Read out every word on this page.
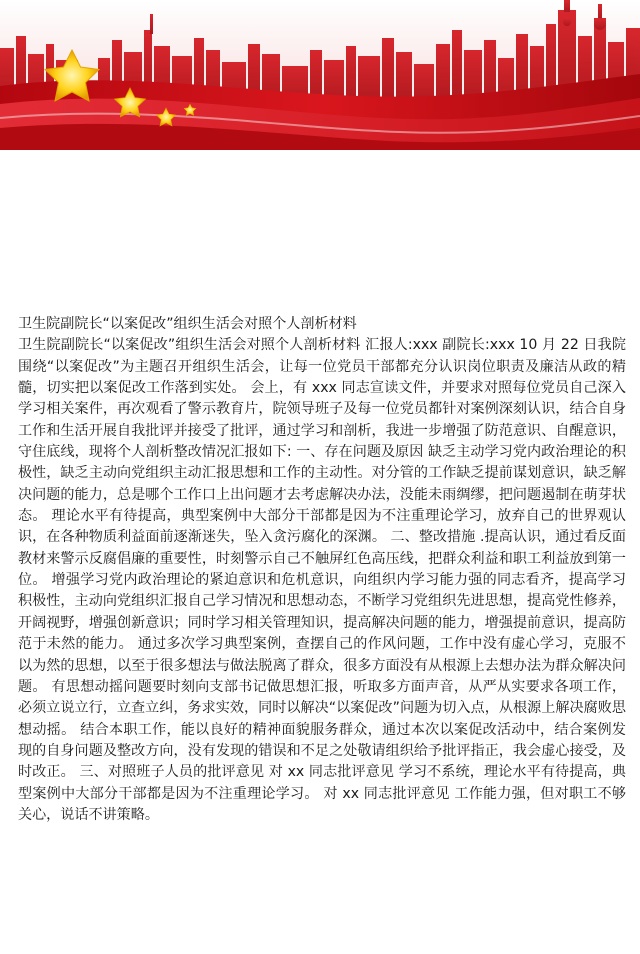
卫生院副院长“以案促改”组织生活会对照个人剖析材料
卫生院副院长“以案促改”组织生活会对照个人剖析材料 汇报人:xxx 副院长:xxx 10 月 22 日我院围绕“以案促改”为主题召开组织生活会，让每一位党员干部都充分认识岗位职责及廉洁从政的精髓，切实把以案促改工作落到实处。 会上，有 xxx 同志宣读文件，并要求对照每位党员自己深入学习相关案件，再次观看了警示教育片，院领导班子及每一位党员都针对案例深刻认识，结合自身工作和生活开展自我批评并接受了批评，通过学习和剖析，我进一步增强了防范意识、自醒意识，守住底线，现将个人剖析整改情况汇报如下: 一、存在问题及原因 缺乏主动学习党内政治理论的积极性，缺乏主动向党组织主动汇报思想和工作的主动性。对分管的工作缺乏提前谋划意识，缺乏解决问题的能力，总是哪个工作口上出问题才去考虑解决办法，没能未雨绸缪，把问题遏制在萌芽状态。 理论水平有待提高，典型案例中大部分干部都是因为不注重理论学习，放弃自己的世界观认识，在各种物质利益面前逐渐迷失，坠入贪污腐化的深渊。 二、整改措施 .提高认识，通过看反面教材来警示反腐倡廉的重要性，时刻警示自己不触屏红色高压线，把群众利益和职工利益放到第一位。 增强学习党内政治理论的紧迫意识和危机意识，向组织内学习能力强的同志看齐，提高学习积极性，主动向党组织汇报自己学习情况和思想动态，不断学习党组织先进思想，提高党性修养，开阔视野，增强创新意识；同时学习相关管理知识，提高解决问题的能力，增强提前意识，提高防范于未然的能力。 通过多次学习典型案例，查摆自己的作风问题，工作中没有虚心学习，克服不以为然的思想，以至于很多想法与做法脱离了群众，很多方面没有从根源上去想办法为群众解决问题。 有思想动摇问题要时刻向支部书记做思想汇报，听取多方面声音，从严从实要求各项工作，必须立说立行，立查立纠，务求实效，同时以解决“以案促改”问题为切入点，从根源上解决腐败思想动摇。 结合本职工作，能以良好的精神面貌服务群众，通过本次以案促改活动中，结合案例发现的自身问题及整改方向，没有发现的错误和不足之处敬请组织给予批评指正，我会虚心接受，及时改正。 三、对照班子人员的批评意见 对 xx 同志批评意见 学习不系统，理论水平有待提高，典型案例中大部分干部都是因为不注重理论学习。 对 xx 同志批评意见 工作能力强，但对职工不够关心，说话不讲策略。
